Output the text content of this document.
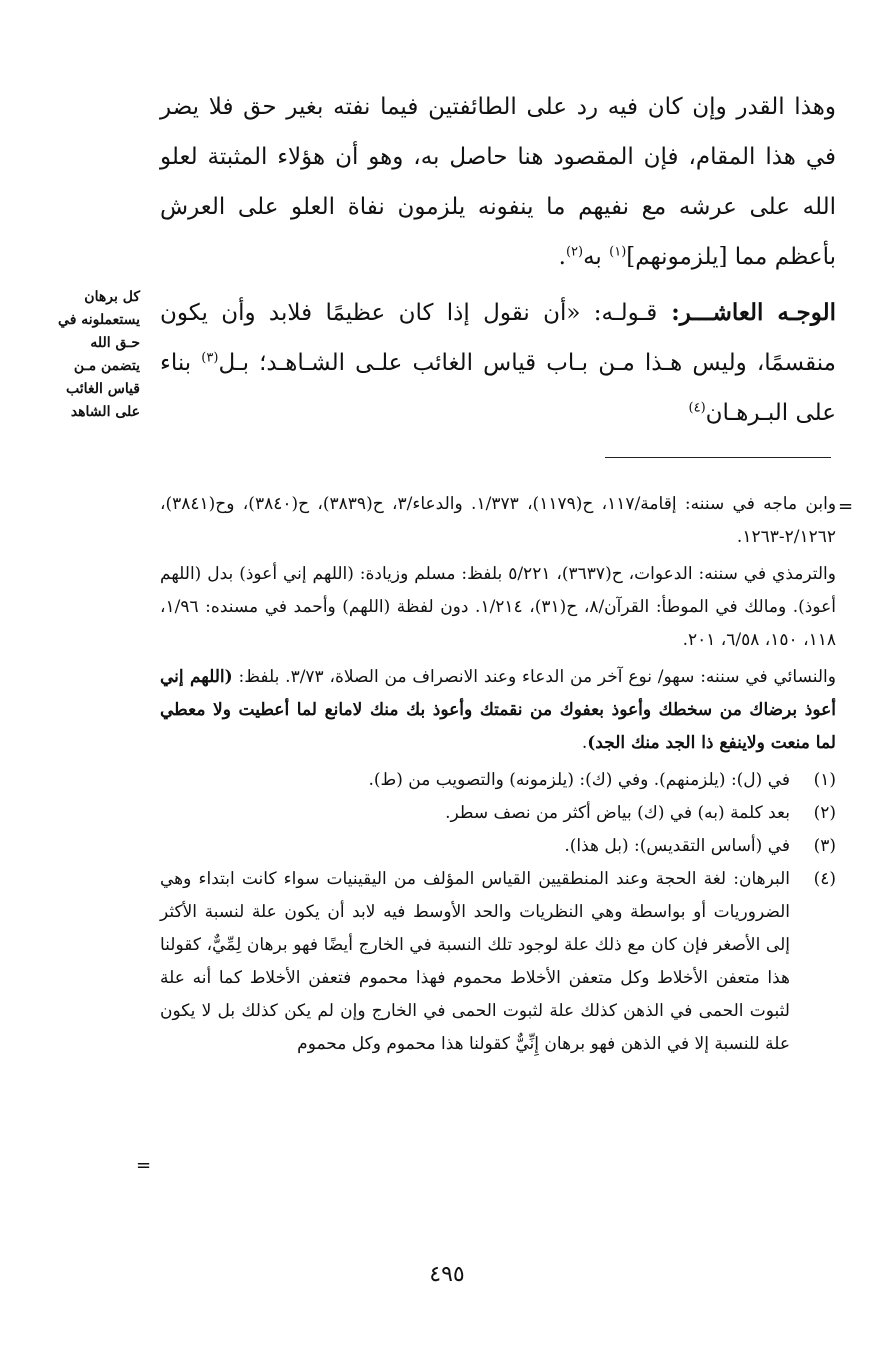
وهذا القدر وإن كان فيه رد على الطائفتين فيما نفته بغير حق فلا يضر في هذا المقام، فإن المقصود هنا حاصل به، وهو أن هؤلاء المثبتة لعلو الله على عرشه مع نفيهم ما ينفونه يلزمون نفاة العلو على العرش بأعظم مما [يلزمونهم]$^{(١)}$ به$^{(٢)}$.

الوجـه العاشـــر: قـولـه: «أن نقول إذا كان عظيمًا فلابد وأن يكون منقسمًا، وليس هـذا مـن بـاب قياس الغائب علـى الشـاهـد؛ بـل$^{(٣)}$ بناء على البـرهـان$^{(٤)}$

كل برهان
يستعملونه في
حـق الله
يتضمن مـن
قياس الغائب
على الشاهد
=
وابن ماجه في سننه: إقامة/١١٧، ح(١١٧٩)، ١/٣٧٣. والدعاء/٣، ح(٣٨٣٩)، ح(٣٨٤٠)، وح(٣٨٤١)، ٢/١٢٦٢-١٢٦٣.
والترمذي في سننه: الدعوات، ح(٣٦٣٧)، ٥/٢٢١ بلفظ: مسلم وزيادة: (اللهم إني أعوذ) بدل (اللهم أعوذ). ومالك في الموطأ: القرآن/٨، ح(٣١)، ١/٢١٤. دون لفظة (اللهم) وأحمد في مسنده: ١/٩٦، ١١٨، ١٥٠، ٦/٥٨، ٢٠١.
والنسائي في سننه: سهو/ نوع آخر من الدعاء وعند الانصراف من الصلاة، ٣/٧٣. بلفظ: (اللهم إني أعوذ برضاك من سخطك وأعوذ بعفوك من نقمتك وأعوذ بك منك لامانع لما أعطيت ولا معطي لما منعت ولاينفع ذا الجد منك الجد).
(١)
في (ل): (يلزمنهم). وفي (ك): (يلزمونه) والتصويب من (ط).
(٢)
بعد كلمة (به) في (ك) بياض أكثر من نصف سطر.
(٣)
في (أساس التقديس): (بل هذا).
(٤)
البرهان: لغة الحجة وعند المنطقيين القياس المؤلف من اليقينيات سواء كانت ابتداء وهي الضروريات أو بواسطة وهي النظريات والحد الأوسط فيه لابد أن يكون علة لنسبة الأكثر إلى الأصغر فإن كان مع ذلك علة لوجود تلك النسبة في الخارج أيضًا فهو برهان لِمِّيٌّ، كقولنا هذا متعفن الأخلاط وكل متعفن الأخلاط محموم فهذا محموم فتعفن الأخلاط كما أنه علة لثبوت الحمى في الذهن كذلك علة لثبوت الحمى في الخارج وإن لم يكن كذلك بل لا يكون علة للنسبة إلا في الذهن فهو برهان إِنِّيٌّ كقولنا هذا محموم وكل محموم
=
٤٩٥
